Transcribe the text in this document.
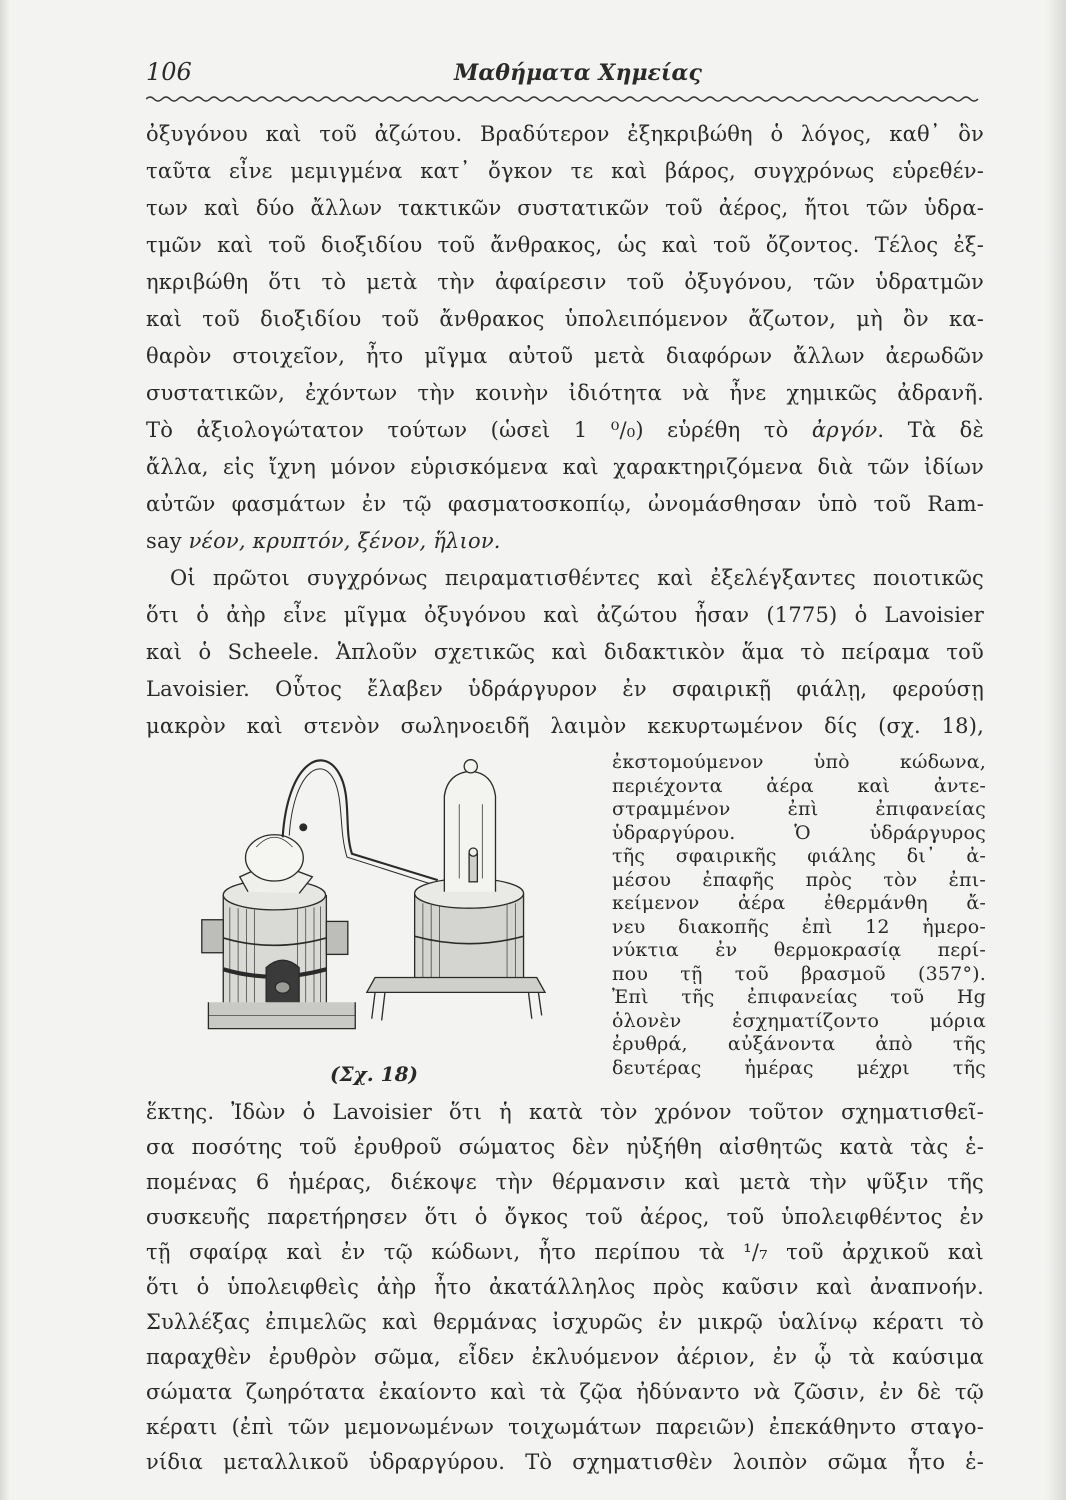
106	Μαθήματα Χημείας
ὀξυγόνου καὶ τοῦ ἀζώτου. Βραδύτερον ἐξηκριβώθη ὁ λόγος, καθ᾽ ὃν
ταῦτα εἶνε μεμιγμένα κατ᾽ ὄγκον τε καὶ βάρος, συγχρόνως εὑρεθέν-
των καὶ δύο ἄλλων τακτικῶν συστατικῶν τοῦ ἀέρος, ἤτοι τῶν ὑδρα-
τμῶν καὶ τοῦ διοξιδίου τοῦ ἄνθρακος, ὡς καὶ τοῦ ὄζοντος. Τέλος ἐξ-
ηκριβώθη ὅτι τὸ μετὰ τὴν ἀφαίρεσιν τοῦ ὀξυγόνου, τῶν ὑδρατμῶν
καὶ τοῦ διοξιδίου τοῦ ἄνθρακος ὑπολειπόμενον ἄζωτον, μὴ ὂν κα-
θαρὸν στοιχεῖον, ἦτο μῖγμα αὐτοῦ μετὰ διαφόρων ἄλλων ἀερωδῶν
συστατικῶν, ἐχόντων τὴν κοινὴν ἰδιότητα νὰ ἦνε χημικῶς ἀδρανῆ.
Τὸ ἀξιολογώτατον τούτων (ὡσεὶ 1 ⁰/₀) εὑρέθη τὸ ἀργόν. Τὰ δὲ
ἄλλα, εἰς ἴχνη μόνον εὑρισκόμενα καὶ χαρακτηριζόμενα διὰ τῶν ἰδίων
αὐτῶν φασμάτων ἐν τῷ φασματοσκοπίῳ, ὠνομάσθησαν ὑπὸ τοῦ Ram-
say νέον, κρυπτόν, ξένον, ἥλιον.
Οἱ πρῶτοι συγχρόνως πειραματισθέντες καὶ ἐξελέγξαντες ποιοτικῶς
ὅτι ὁ ἀὴρ εἶνε μῖγμα ὀξυγόνου καὶ ἀζώτου ἦσαν (1775) ὁ Lavoisier
καὶ ὁ Scheele. Ἁπλοῦν σχετικῶς καὶ διδακτικὸν ἅμα τὸ πείραμα τοῦ
Lavoisier. Οὗτος ἔλαβεν ὑδράργυρον ἐν σφαιρικῇ φιάλῃ, φερούσῃ
μακρὸν καὶ στενὸν σωληνοειδῆ λαιμὸν κεκυρτωμένον δίς (σχ. 18),
ἐκστομούμενον ὑπὸ κώδωνα,
περιέχοντα ἀέρα καὶ ἀντε-
στραμμένον ἐπὶ ἐπιφανείας
ὑδραργύρου. Ὁ ὑδράργυρος
τῆς σφαιρικῆς φιάλης δι᾽ ἀ-
μέσου ἐπαφῆς πρὸς τὸν ἐπι-
κείμενον ἀέρα ἐθερμάνθη ἄ-
νευ διακοπῆς ἐπὶ 12 ἡμερο-
νύκτια ἐν θερμοκρασίᾳ περί-
που τῇ τοῦ βρασμοῦ (357°).
Ἐπὶ τῆς ἐπιφανείας τοῦ Hg
ὁλονὲν ἐσχηματίζοντο μόρια
ἐρυθρά, αὐξάνοντα ἀπὸ τῆς
δευτέρας ἡμέρας μέχρι τῆς
(Σχ. 18)
ἕκτης. Ἰδὼν ὁ Lavoisier ὅτι ἡ κατὰ τὸν χρόνον τοῦτον σχηματισθεῖ-
σα ποσότης τοῦ ἐρυθροῦ σώματος δὲν ηὐξήθη αἰσθητῶς κατὰ τὰς ἑ-
πομένας 6 ἡμέρας, διέκοψε τὴν θέρμανσιν καὶ μετὰ τὴν ψῦξιν τῆς
συσκευῆς παρετήρησεν ὅτι ὁ ὄγκος τοῦ ἀέρος, τοῦ ὑπολειφθέντος ἐν
τῇ σφαίρᾳ καὶ ἐν τῷ κώδωνι, ἦτο περίπου τὰ ¹/₇ τοῦ ἀρχικοῦ καὶ
ὅτι ὁ ὑπολειφθεὶς ἀὴρ ἦτο ἀκατάλληλος πρὸς καῦσιν καὶ ἀναπνοήν.
Συλλέξας ἐπιμελῶς καὶ θερμάνας ἰσχυρῶς ἐν μικρῷ ὑαλίνῳ κέρατι τὸ
παραχθὲν ἐρυθρὸν σῶμα, εἶδεν ἐκλυόμενον ἀέριον, ἐν ᾧ τὰ καύσιμα
σώματα ζωηρότατα ἐκαίοντο καὶ τὰ ζῷα ἠδύναντο νὰ ζῶσιν, ἐν δὲ τῷ
κέρατι (ἐπὶ τῶν μεμονωμένων τοιχωμάτων παρειῶν) ἐπεκάθηντο σταγο-
νίδια μεταλλικοῦ ὑδραργύρου. Τὸ σχηματισθὲν λοιπὸν σῶμα ἦτο ἑ-
